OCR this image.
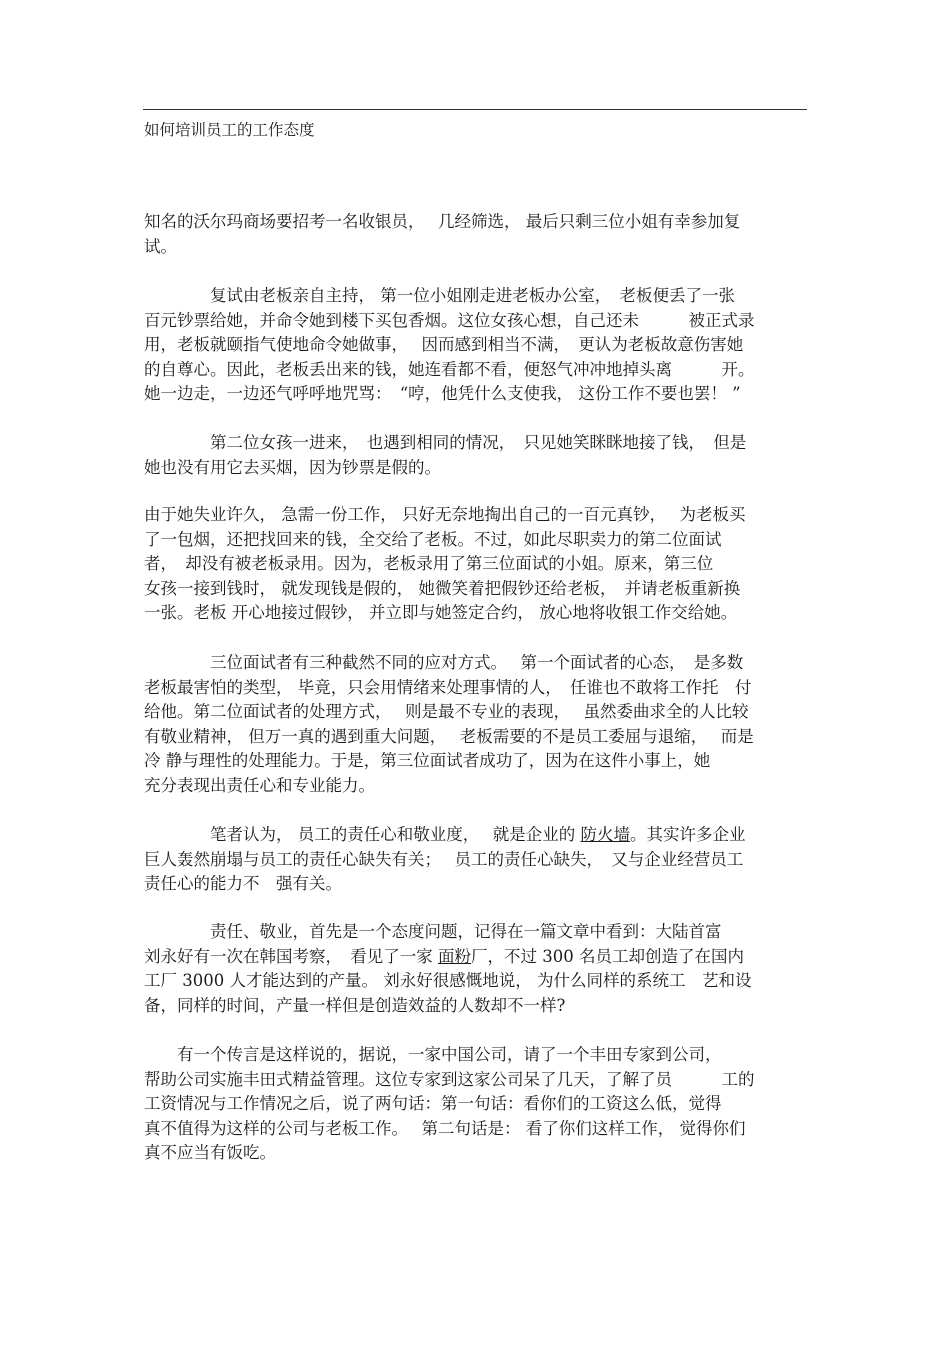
如何培训员工的工作态度
知名的沃尔玛商场要招考一名收银员，　 几经筛选， 最后只剩三位小姐有幸参加复
试。
　　　　复试由老板亲自主持， 第一位小姐刚走进老板办公室，　老板便丢了一张
百元钞票给她，并命令她到楼下买包香烟。这位女孩心想，自己还未　　　被正式录
用，老板就颐指气使地命令她做事，　 因而感到相当不满，　更认为老板故意伤害她
的自尊心。因此，老板丢出来的钱，她连看都不看，便怒气冲冲地掉头离　　　开。
她一边走，一边还气呼呼地咒骂：　“哼，他凭什么支使我， 这份工作不要也罢！ ”
　　　　第二位女孩一进来，　也遇到相同的情况，　只见她笑眯眯地接了钱，　但是
她也没有用它去买烟，因为钞票是假的。
由于她失业许久， 急需一份工作， 只好无奈地掏出自己的一百元真钞，　 为老板买
了一包烟，还把找回来的钱，全交给了老板。不过，如此尽职卖力的第二位面试
者，　却没有被老板录用。因为，老板录用了第三位面试的小姐。原来，第三位
女孩一接到钱时， 就发现钱是假的， 她微笑着把假钞还给老板，　并请老板重新换
一张。老板 开心地接过假钞， 并立即与她签定合约， 放心地将收银工作交给她。
　　　　三位面试者有三种截然不同的应对方式。　 第一个面试者的心态，　是多数
老板最害怕的类型， 毕竟，只会用情绪来处理事情的人，　任谁也不敢将工作托　付
给他。第二位面试者的处理方式，　 则是最不专业的表现，　 虽然委曲求全的人比较
有敬业精神， 但万一真的遇到重大问题，　 老板需要的不是员工委屈与退缩，　 而是
冷 静与理性的处理能力。于是，第三位面试者成功了，因为在这件小事上，她
充分表现出责任心和专业能力。
　　　　笔者认为， 员工的责任心和敬业度，　 就是企业的 防火墙。其实许多企业
巨人轰然崩塌与员工的责任心缺失有关；　 员工的责任心缺失，　又与企业经营员工
责任心的能力不　强有关。
　　　　责任、敬业，首先是一个态度问题，记得在一篇文章中看到：大陆首富
刘永好有一次在韩国考察，　看见了一家 面粉厂，不过 300 名员工却创造了在国内
工厂 3000 人才能达到的产量。 刘永好很感慨地说， 为什么同样的系统工　艺和设
备，同样的时间，产量一样但是创造效益的人数却不一样?
　　有一个传言是这样说的，据说，一家中国公司，请了一个丰田专家到公司，
帮助公司实施丰田式精益管理。这位专家到这家公司呆了几天，了解了员　　　工的
工资情况与工作情况之后，说了两句话：第一句话：看你们的工资这么低，觉得
真不值得为这样的公司与老板工作。　 第二句话是： 看了你们这样工作， 觉得你们
真不应当有饭吃。
